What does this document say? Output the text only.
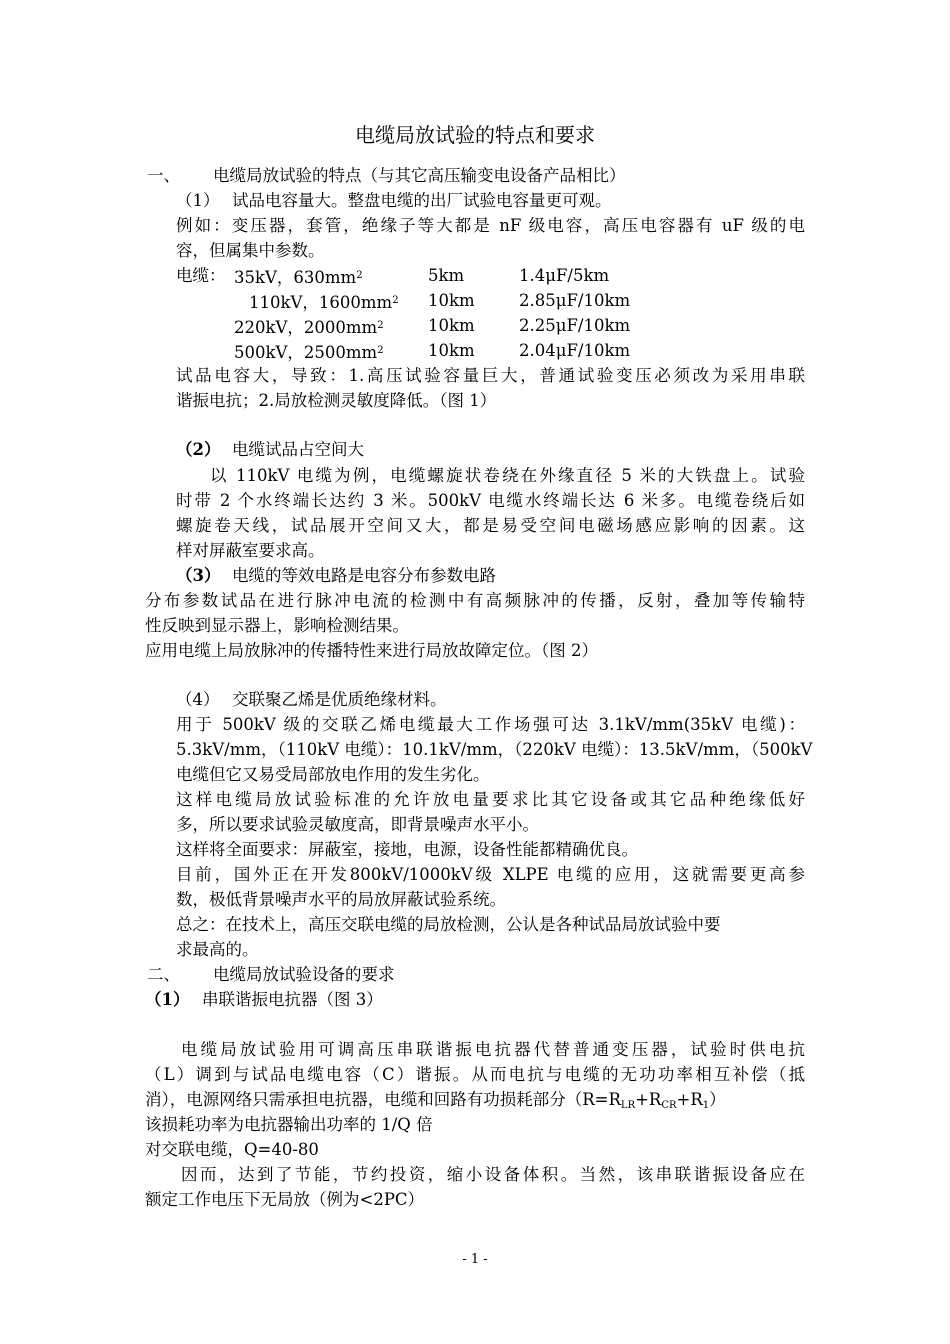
电缆局放试验的特点和要求
一、 电缆局放试验的特点（与其它高压输变电设备产品相比）
（1） 试品电容量大。整盘电缆的出厂试验电容量更可观。
例如：变压器，套管，绝缘子等大都是 nF 级电容，高压电容器有 uF 级的电
容，但属集中参数。
电缆： 35kV，$630mm^2$	5km	1.4μF/5km
110kV，$1600mm^2$ 10km	2.85μF/10km
220kV，$2000mm^2$	10km	2.25μF/10km
500kV，$2500mm^2$	10km	2.04μF/10km
试品电容大，导致：1.高压试验容量巨大，普通试验变压必须改为采用串联
谐振电抗；2.局放检测灵敏度降低。（图 1）
（2） 电缆试品占空间大
以 110kV 电缆为例，电缆螺旋状卷绕在外缘直径 5 米的大铁盘上。试验
时带 2 个水终端长达约 3 米。500kV 电缆水终端长达 6 米多。电缆卷绕后如
螺旋卷天线，试品展开空间又大，都是易受空间电磁场感应影响的因素。这
样对屏蔽室要求高。
（3） 电缆的等效电路是电容分布参数电路
分布参数试品在进行脉冲电流的检测中有高频脉冲的传播，反射，叠加等传输特
性反映到显示器上，影响检测结果。
应用电缆上局放脉冲的传播特性来进行局放故障定位。（图 2）
（4） 交联聚乙烯是优质绝缘材料。
用于 500kV 级的交联乙烯电缆最大工作场强可达 3.1kV/mm(35kV 电缆)：
5.3kV/mm，（110kV 电缆）：10.1kV/mm，（220kV 电缆）：13.5kV/mm，（500kV
电缆但它又易受局部放电作用的发生劣化。
这样电缆局放试验标准的允许放电量要求比其它设备或其它品种绝缘低好
多，所以要求试验灵敏度高，即背景噪声水平小。
这样将全面要求：屏蔽室，接地，电源，设备性能都精确优良。
目前，国外正在开发800kV/1000kV级 XLPE 电缆的应用，这就需要更高参
数，极低背景噪声水平的局放屏蔽试验系统。
总之：在技术上，高压交联电缆的局放检测，公认是各种试品局放试验中要
求最高的。
二、 电缆局放试验设备的要求
（1） 串联谐振电抗器（图 3）
电缆局放试验用可调高压串联谐振电抗器代替普通变压器，试验时供电抗
（L）调到与试品电缆电容（C）谐振。从而电抗与电缆的无功功率相互补偿（抵
消），电源网络只需承担电抗器，电缆和回路有功损耗部分$(R=R_{LR}+R_{CR}+R_1)$
该损耗功率为电抗器输出功率的 1/Q 倍
对交联电缆，Q=40-80
因而，达到了节能，节约投资，缩小设备体积。当然，该串联谐振设备应在
额定工作电压下无局放（例为<2PC）
- 1 -
